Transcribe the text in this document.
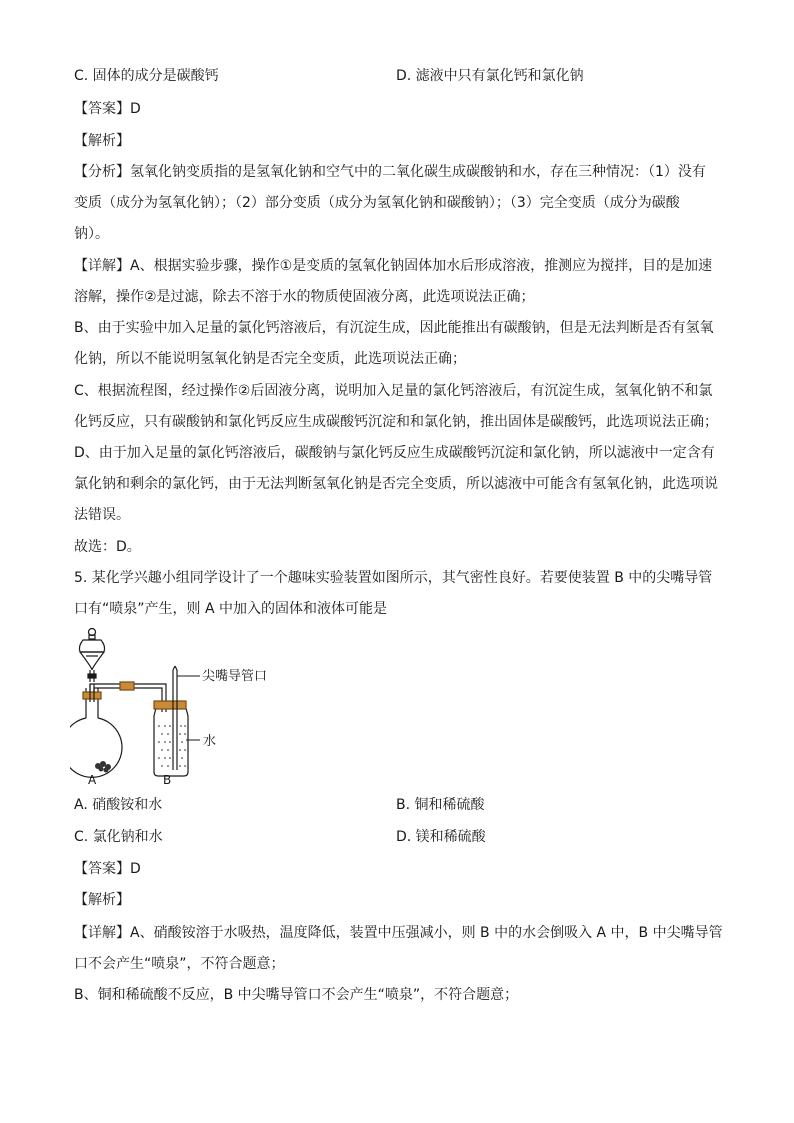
C. 固体的成分是碳酸钙	D. 滤液中只有氯化钙和氯化钠
【答案】D
【解析】
【分析】氢氧化钠变质指的是氢氧化钠和空气中的二氧化碳生成碳酸钠和水，存在三种情况：（1）没有
变质（成分为氢氧化钠）；（2）部分变质（成分为氢氧化钠和碳酸钠）；（3）完全变质（成分为碳酸
钠）。
【详解】A、根据实验步骤，操作①是变质的氢氧化钠固体加水后形成溶液，推测应为搅拌，目的是加速
溶解，操作②是过滤，除去不溶于水的物质使固液分离，此选项说法正确；
B、由于实验中加入足量的氯化钙溶液后，有沉淀生成，因此能推出有碳酸钠，但是无法判断是否有氢氧
化钠，所以不能说明氢氧化钠是否完全变质，此选项说法正确；
C、根据流程图，经过操作②后固液分离，说明加入足量的氯化钙溶液后，有沉淀生成，氢氧化钠不和氯
化钙反应，只有碳酸钠和氯化钙反应生成碳酸钙沉淀和和氯化钠，推出固体是碳酸钙，此选项说法正确；
D、由于加入足量的氯化钙溶液后，碳酸钠与氯化钙反应生成碳酸钙沉淀和氯化钠，所以滤液中一定含有
氯化钠和剩余的氯化钙，由于无法判断氢氧化钠是否完全变质，所以滤液中可能含有氢氧化钠，此选项说
法错误。
故选：D。
5. 某化学兴趣小组同学设计了一个趣味实验装置如图所示，其气密性良好。若要使装置 B 中的尖嘴导管
口有“喷泉”产生，则 A 中加入的固体和液体可能是
尖嘴导管口
水
A	B
A. 硝酸铵和水	B. 铜和稀硫酸
C. 氯化钠和水	D. 镁和稀硫酸
【答案】D
【解析】
【详解】A、硝酸铵溶于水吸热，温度降低，装置中压强减小，则 B 中的水会倒吸入 A 中，B 中尖嘴导管
口不会产生“喷泉”，不符合题意；
B、铜和稀硫酸不反应，B 中尖嘴导管口不会产生“喷泉”，不符合题意；
